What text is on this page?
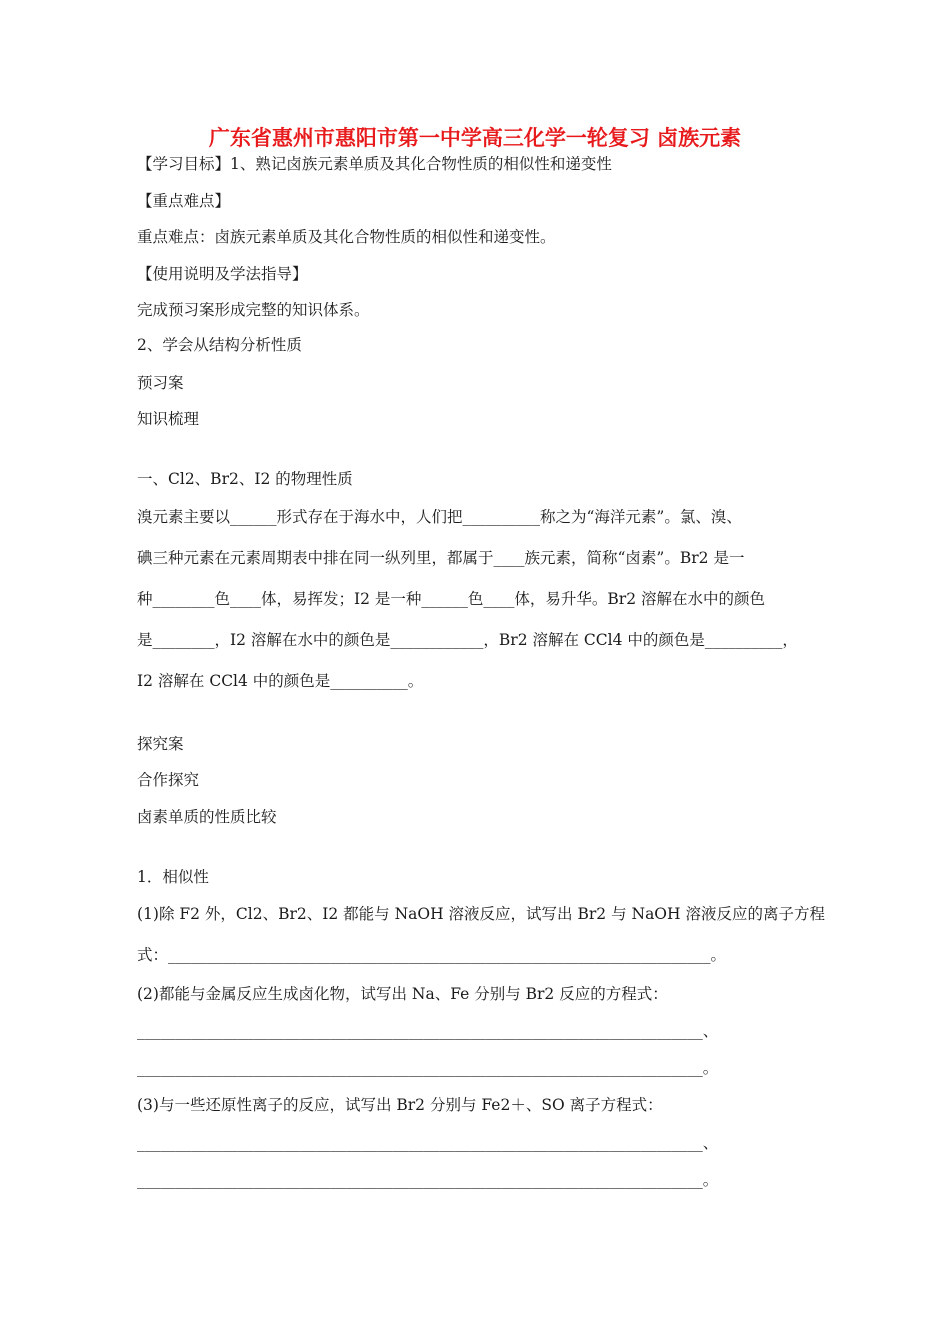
广东省惠州市惠阳市第一中学高三化学一轮复习 卤族元素
【学习目标】1、熟记卤族元素单质及其化合物性质的相似性和递变性
【重点难点】
重点难点：卤族元素单质及其化合物性质的相似性和递变性。
【使用说明及学法指导】
完成预习案形成完整的知识体系。
2、学会从结构分析性质
预习案
知识梳理
一、Cl2、Br2、I2 的物理性质
溴元素主要以______形式存在于海水中，人们把__________称之为“海洋元素”。氯、溴、
碘三种元素在元素周期表中排在同一纵列里，都属于____族元素，简称“卤素”。Br2 是一
种________色____体，易挥发；I2 是一种______色____体，易升华。Br2 溶解在水中的颜色
是________，I2 溶解在水中的颜色是____________，Br2 溶解在 CCl4 中的颜色是__________，
I2 溶解在 CCl4 中的颜色是__________。
探究案
合作探究
卤素单质的性质比较
1．相似性
(1)除 F2 外，Cl2、Br2、I2 都能与 NaOH 溶液反应，试写出 Br2 与 NaOH 溶液反应的离子方程
式：______________________________________________________________________。
(2)都能与金属反应生成卤化物，试写出 Na、Fe 分别与 Br2 反应的方程式：
_________________________________________________________________________、
_________________________________________________________________________。
(3)与一些还原性离子的反应，试写出 Br2 分别与 Fe2＋、SO 离子方程式：
_________________________________________________________________________、
_________________________________________________________________________。
